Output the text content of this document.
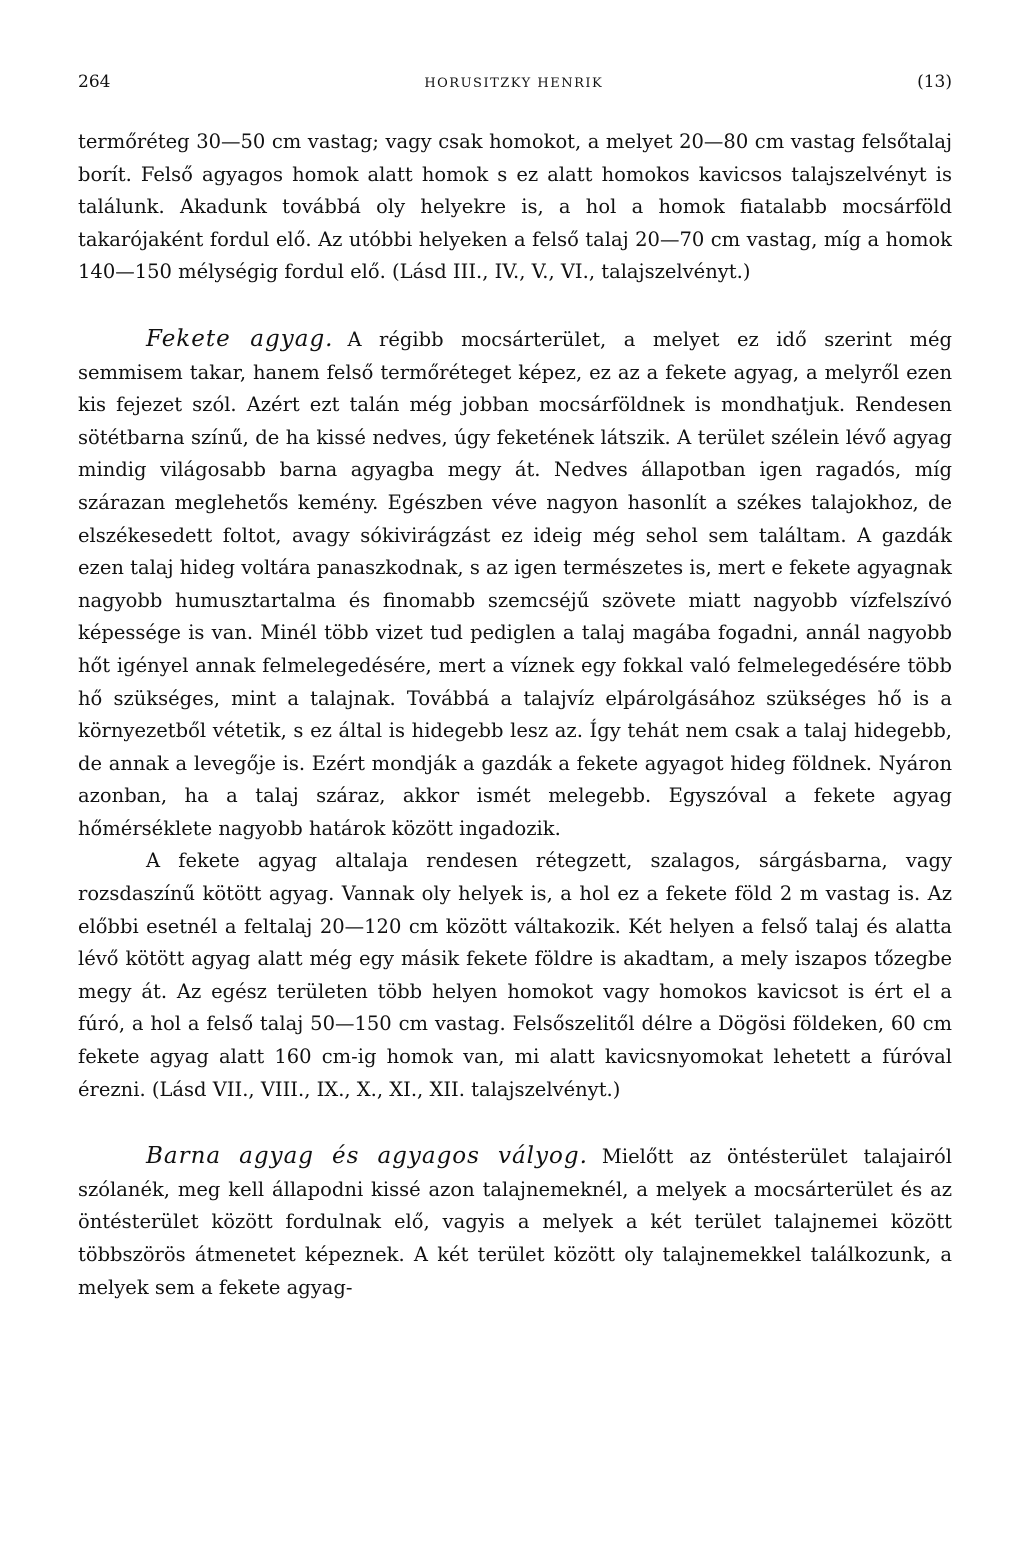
264	HORUSITZKY HENRIK	(13)

termőréteg 30—50 cm vastag; vagy csak homokot, a melyet 20—80 cm vastag felsőtalaj borít. Felső agyagos homok alatt homok s ez alatt homokos kavicsos talajszelvényt is találunk. Akadunk továbbá oly helyekre is, a hol a homok fiatalabb mocsárföld takarójaként fordul elő. Az utóbbi helyeken a felső talaj 20—70 cm vastag, míg a homok 140—150 mélységig fordul elő. (Lásd III., IV., V., VI., talajszelvényt.)

Fekete agyag. A régibb mocsárterület, a melyet ez idő szerint még semmisem takar, hanem felső termőréteget képez, ez az a fekete agyag, a melyről ezen kis fejezet szól. Azért ezt talán még jobban mocsárföldnek is mondhatjuk. Rendesen sötétbarna színű, de ha kissé nedves, úgy feketének látszik. A terület szélein lévő agyag mindig világosabb barna agyagba megy át. Nedves állapotban igen ragadós, míg szárazan meglehetős kemény. Egészben véve nagyon hasonlít a székes talajokhoz, de elszékesedett foltot, avagy sókivirágzást ez ideig még sehol sem találtam. A gazdák ezen talaj hideg voltára panaszkodnak, s az igen természetes is, mert e fekete agyagnak nagyobb humusztartalma és finomabb szemcséjű szövete miatt nagyobb vízfelszívó képessége is van. Minél több vizet tud pediglen a talaj magába fogadni, annál nagyobb hőt igényel annak felmelegedésére, mert a víznek egy fokkal való felmelegedésére több hő szükséges, mint a talajnak. Továbbá a talajvíz elpárolgásához szükséges hő is a környezetből vétetik, s ez által is hidegebb lesz az. Így tehát nem csak a talaj hidegebb, de annak a levegője is. Ezért mondják a gazdák a fekete agyagot hideg földnek. Nyáron azonban, ha a talaj száraz, akkor ismét melegebb. Egyszóval a fekete agyag hőmérséklete nagyobb határok között ingadozik.

A fekete agyag altalaja rendesen rétegzett, szalagos, sárgásbarna, vagy rozsdaszínű kötött agyag. Vannak oly helyek is, a hol ez a fekete föld 2 m vastag is. Az előbbi esetnél a feltalaj 20—120 cm között váltakozik. Két helyen a felső talaj és alatta lévő kötött agyag alatt még egy másik fekete földre is akadtam, a mely iszapos tőzegbe megy át. Az egész területen több helyen homokot vagy homokos kavicsot is ért el a fúró, a hol a felső talaj 50—150 cm vastag. Felsőszelitől délre a Dögösi földeken, 60 cm fekete agyag alatt 160 cm-ig homok van, mi alatt kavicsnyomokat lehetett a fúróval érezni. (Lásd VII., VIII., IX., X., XI., XII. talajszelvényt.)

Barna agyag és agyagos vályog. Mielőtt az öntésterület talajairól szólanék, meg kell állapodni kissé azon talajnemeknél, a melyek a mocsárterület és az öntésterület között fordulnak elő, vagyis a melyek a két terület talajnemei között többszörös átmenetet képeznek. A két terület között oly talajnemekkel találkozunk, a melyek sem a fekete agyag-
